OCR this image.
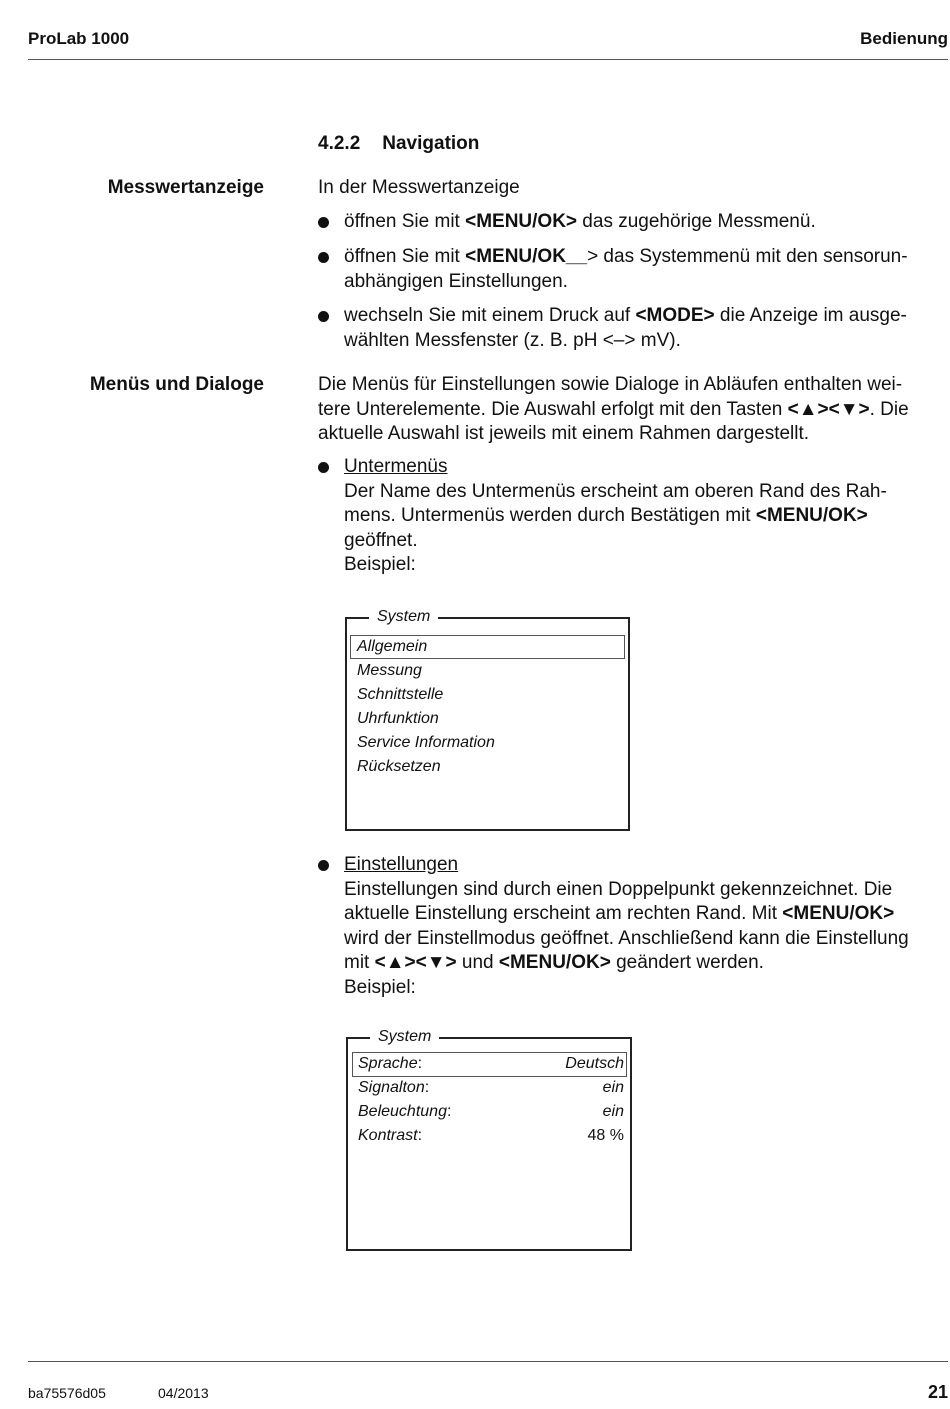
ProLab 1000	Bedienung
4.2.2 Navigation
Messwertanzeige	In der Messwertanzeige
öffnen Sie mit <MENU/OK> das zugehörige Messmenü.
öffnen Sie mit <MENU/OK__> das Systemmenü mit den sensorun-
abhängigen Einstellungen.
wechseln Sie mit einem Druck auf <MODE> die Anzeige im ausge-
wählten Messfenster (z. B. pH <–> mV).
Menüs und Dialoge	Die Menüs für Einstellungen sowie Dialoge in Abläufen enthalten wei-
tere Unterelemente. Die Auswahl erfolgt mit den Tasten <▲><▼>. Die
aktuelle Auswahl ist jeweils mit einem Rahmen dargestellt.
Untermenüs
Der Name des Untermenüs erscheint am oberen Rand des Rah-
mens. Untermenüs werden durch Bestätigen mit <MENU/OK>
geöffnet.
Beispiel:
System
Allgemein
Messung
Schnittstelle
Uhrfunktion
Service Information
Rücksetzen
Einstellungen
Einstellungen sind durch einen Doppelpunkt gekennzeichnet. Die
aktuelle Einstellung erscheint am rechten Rand. Mit <MENU/OK>
wird der Einstellmodus geöffnet. Anschließend kann die Einstellung
mit <▲><▼> und <MENU/OK> geändert werden.
Beispiel:
System
Sprache:	Deutsch
Signalton:	ein
Beleuchtung:	ein
Kontrast:	48 %
ba75576d05	04/2013	21
